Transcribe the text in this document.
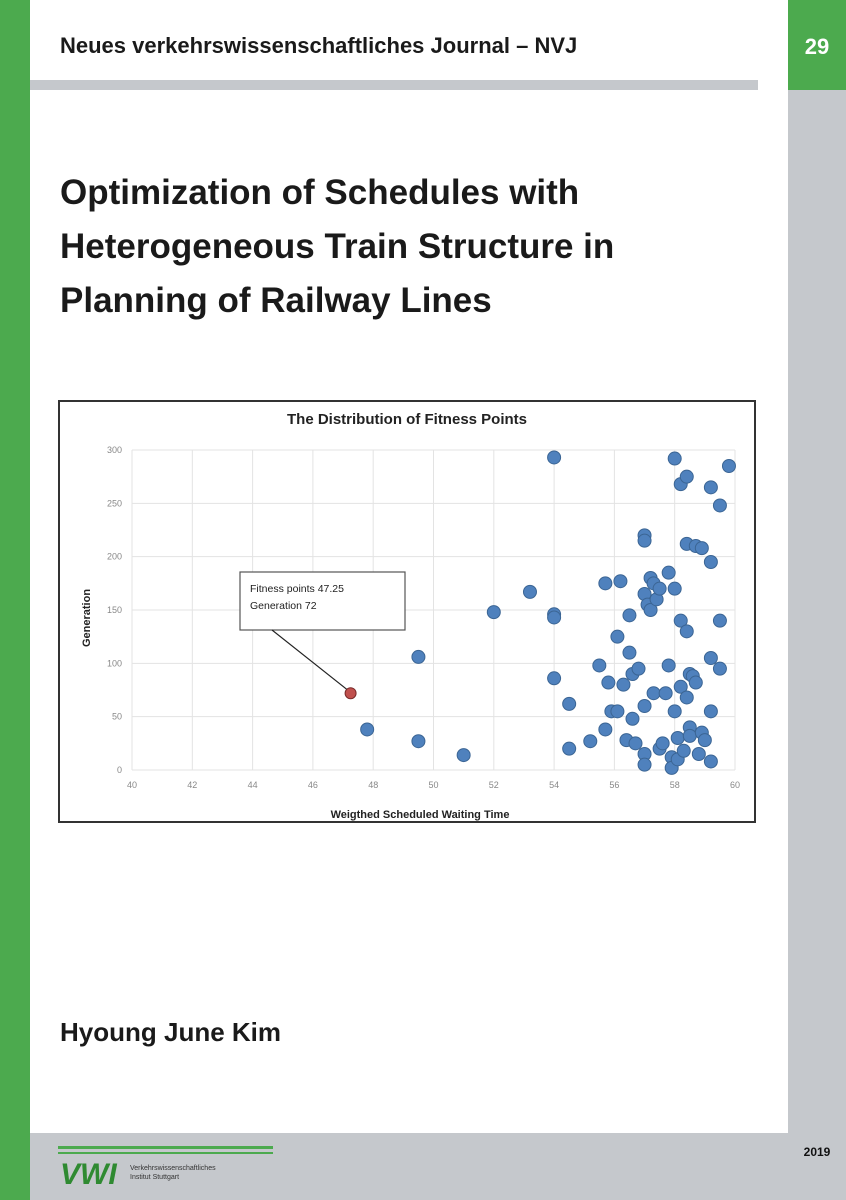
29
Neues verkehrswissenschaftliches Journal – NVJ
Optimization of Schedules with
Heterogeneous Train Structure in
Planning of Railway Lines
The Distribution of Fitness Points
40	42	44	46	48	50	52	54	56	58	60
0
50
100
150
200
250
300
Fitness points 47.25
Generation 72
Weigthed Scheduled Waiting Time
Generation
Hyoung June Kim
2019
VWI Verkehrswissenschaftliches
Institut Stuttgart
